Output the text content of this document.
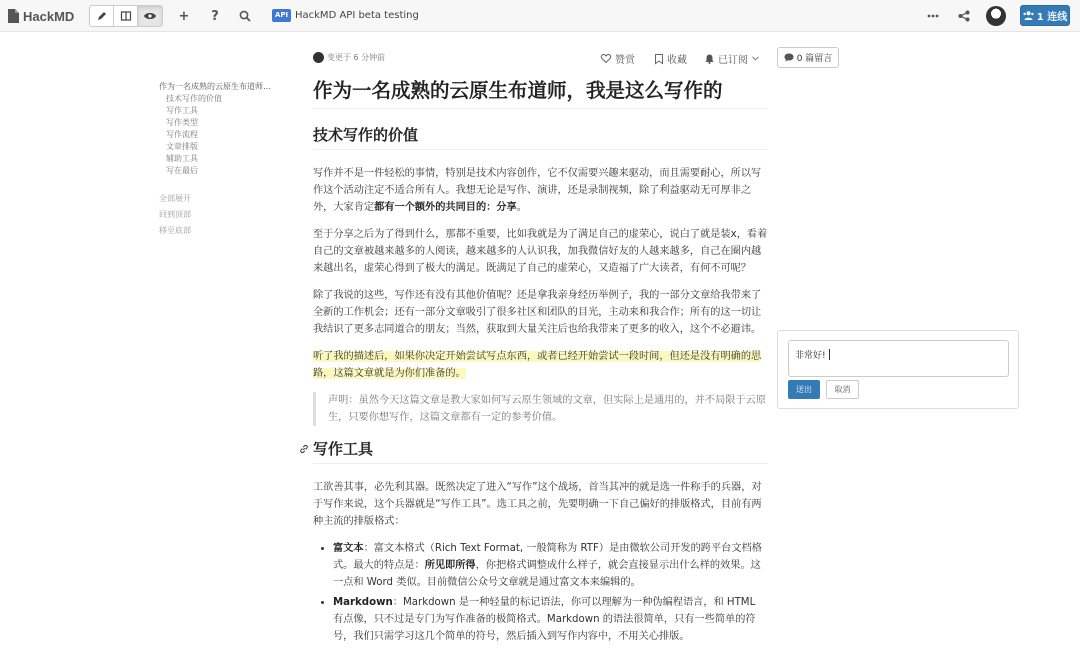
HackMD	+	?	API HackMD API beta testing	1 连线
变更于 6 分钟前	赞赏	收藏	已订阅	0 篇留言
作为一名成熟的云原生布道师…
技术写作的价值
写作工具
写作类型
写作流程
文章排版
辅助工具
写在最后
全部展开
回到顶部
移至底部
作为一名成熟的云原生布道师，我是这么写作的
技术写作的价值

写作并不是一件轻松的事情，特别是技术内容创作，它不仅需要兴趣来驱动，而且需要耐心，所以写作这个活动注定不适合所有人。我想无论是写作、演讲，还是录制视频，除了利益驱动无可厚非之外，大家肯定都有一个额外的共同目的：分享。

至于分享之后为了得到什么，那都不重要，比如我就是为了满足自己的虚荣心，说白了就是装x，看着自己的文章被越来越多的人阅读，越来越多的人认识我，加我微信好友的人越来越多，自己在圈内越来越出名，虚荣心得到了极大的满足。既满足了自己的虚荣心，又造福了广大读者，有何不可呢？

除了我说的这些，写作还有没有其他价值呢？还是拿我亲身经历举例子，我的一部分文章给我带来了全新的工作机会；还有一部分文章吸引了很多社区和团队的目光，主动来和我合作；所有的这一切让我结识了更多志同道合的朋友；当然，获取到大量关注后也给我带来了更多的收入，这个不必避讳。

听了我的描述后，如果你决定开始尝试写点东西，或者已经开始尝试一段时间，但还是没有明确的思路，这篇文章就是为你们准备的。

声明：虽然今天这篇文章是教大家如何写云原生领域的文章，但实际上是通用的，并不局限于云原生，只要你想写作，这篇文章都有一定的参考价值。
写作工具

工欲善其事，必先利其器。既然决定了进入“写作”这个战场，首当其冲的就是选一件称手的兵器，对于写作来说，这个兵器就是“写作工具”。选工具之前，先要明确一下自己偏好的排版格式，目前有两种主流的排版格式：

• 富文本：富文本格式（Rich Text Format, 一般简称为 RTF）是由微软公司开发的跨平台文档格式。最大的特点是：所见即所得，你把格式调整成什么样子，就会直接显示出什么样的效果。这一点和 Word 类似。目前微信公众号文章就是通过富文本来编辑的。
• Markdown：Markdown 是一种轻量的标记语法，你可以理解为一种伪编程语言，和 HTML 有点像，只不过是专门为写作准备的极简格式。Markdown 的语法很简单，只有一些简单的符号，我们只需学习这几个简单的符号，然后插入到写作内容中，不用关心排版。
非常好!
送出	取消
